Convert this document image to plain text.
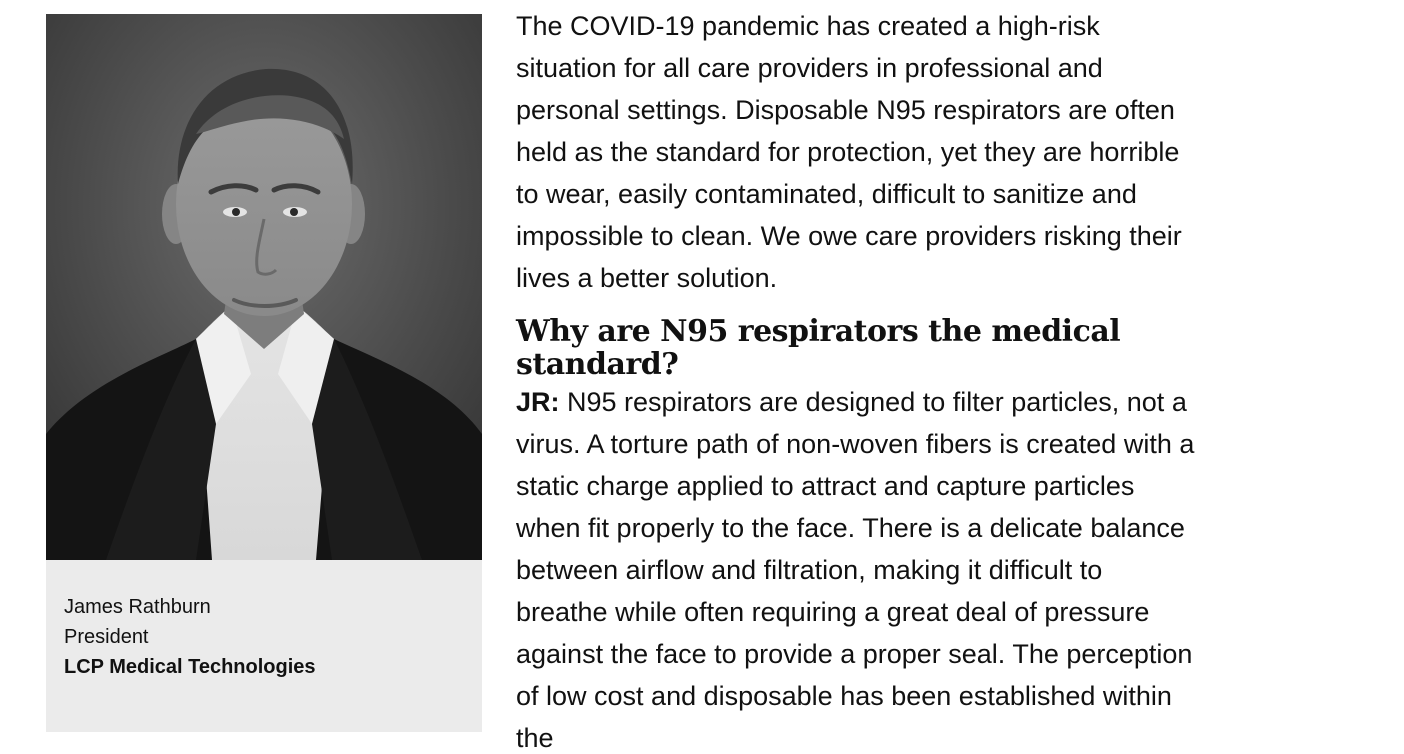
James Rathburn
President
LCP Medical Technologies

The COVID-19 pandemic has created a high-risk situation for all care providers in professional and personal settings. Disposable N95 respirators are often held as the standard for protection, yet they are horrible to wear, easily contaminated, difficult to sanitize and impossible to clean. We owe care providers risking their lives a better solution.

Why are N95 respirators the medical standard?

JR: N95 respirators are designed to filter particles, not a virus. A torture path of non-woven fibers is created with a static charge applied to attract and capture particles when fit properly to the face. There is a delicate balance between airflow and filtration, making it difficult to breathe while often requiring a great deal of pressure against the face to provide a proper seal. The perception of low cost and disposable has been established within the
